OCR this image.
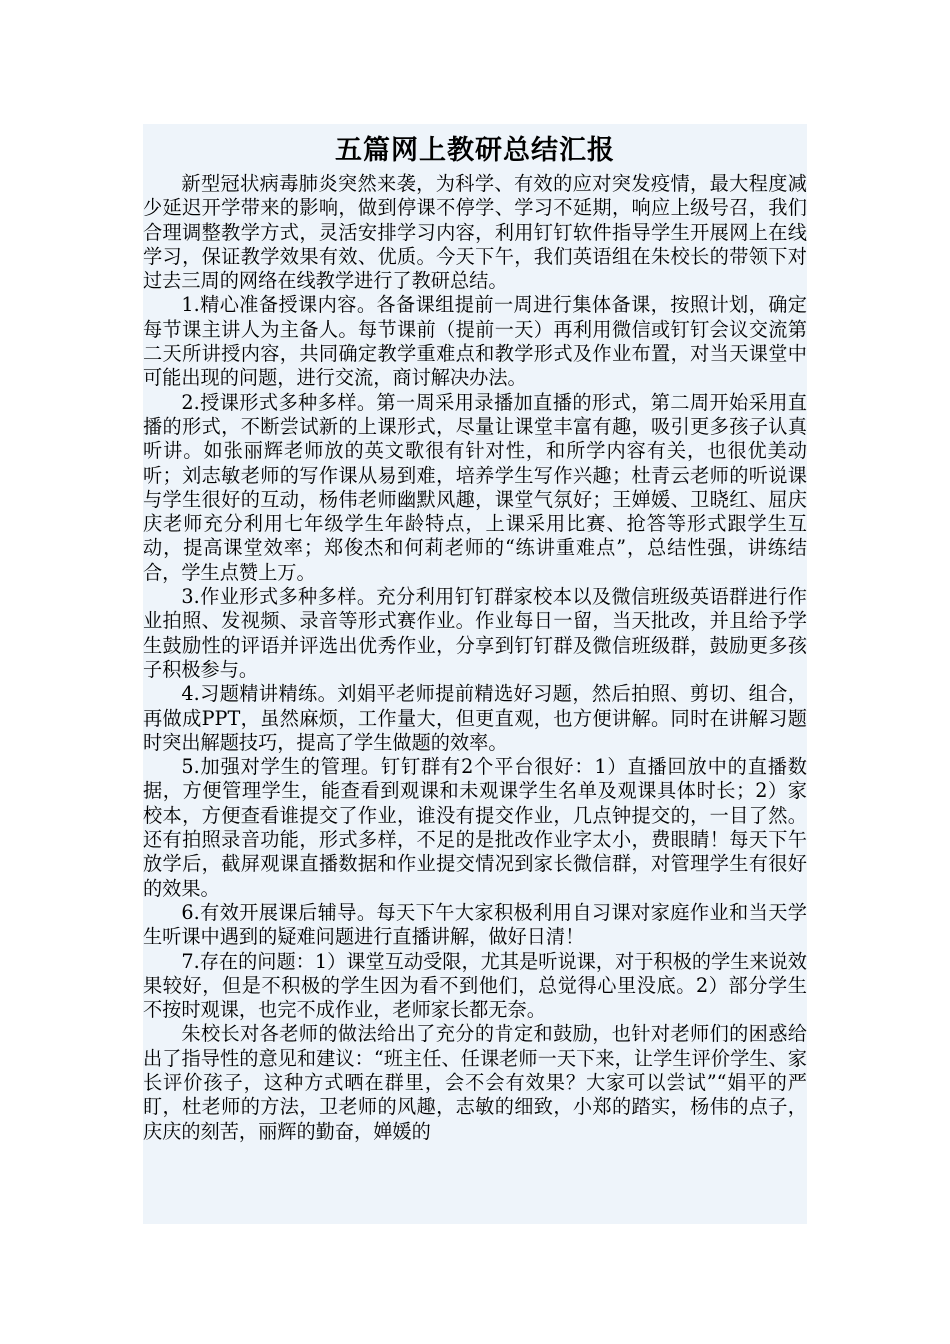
五篇网上教研总结汇报

新型冠状病毒肺炎突然来袭，为科学、有效的应对突发疫情，最大程度减少延迟开学带来的影响，做到停课不停学、学习不延期，响应上级号召，我们合理调整教学方式，灵活安排学习内容，利用钉钉软件指导学生开展网上在线学习，保证教学效果有效、优质。今天下午，我们英语组在朱校长的带领下对过去三周的网络在线教学进行了教研总结。

1.精心准备授课内容。各备课组提前一周进行集体备课，按照计划，确定每节课主讲人为主备人。每节课前（提前一天）再利用微信或钉钉会议交流第二天所讲授内容，共同确定教学重难点和教学形式及作业布置，对当天课堂中可能出现的问题，进行交流，商讨解决办法。

2.授课形式多种多样。第一周采用录播加直播的形式，第二周开始采用直播的形式，不断尝试新的上课形式，尽量让课堂丰富有趣，吸引更多孩子认真听讲。如张丽辉老师放的英文歌很有针对性，和所学内容有关，也很优美动听；刘志敏老师的写作课从易到难，培养学生写作兴趣；杜青云老师的听说课与学生很好的互动，杨伟老师幽默风趣，课堂气氛好；王婵媛、卫晓红、屈庆庆老师充分利用七年级学生年龄特点，上课采用比赛、抢答等形式跟学生互动，提高课堂效率；郑俊杰和何莉老师的“练讲重难点”，总结性强，讲练结合，学生点赞上万。

3.作业形式多种多样。充分利用钉钉群家校本以及微信班级英语群进行作业拍照、发视频、录音等形式赛作业。作业每日一留，当天批改，并且给予学生鼓励性的评语并评选出优秀作业，分享到钉钉群及微信班级群，鼓励更多孩子积极参与。

4.习题精讲精练。刘娟平老师提前精选好习题，然后拍照、剪切、组合，再做成PPT，虽然麻烦，工作量大，但更直观，也方便讲解。同时在讲解习题时突出解题技巧，提高了学生做题的效率。

5.加强对学生的管理。钉钉群有2个平台很好：1）直播回放中的直播数据，方便管理学生，能查看到观课和未观课学生名单及观课具体时长；2）家校本，方便查看谁提交了作业，谁没有提交作业，几点钟提交的，一目了然。还有拍照录音功能，形式多样，不足的是批改作业字太小，费眼睛！每天下午放学后，截屏观课直播数据和作业提交情况到家长微信群，对管理学生有很好的效果。

6.有效开展课后辅导。每天下午大家积极利用自习课对家庭作业和当天学生听课中遇到的疑难问题进行直播讲解，做好日清！

7.存在的问题：1）课堂互动受限，尤其是听说课，对于积极的学生来说效果较好，但是不积极的学生因为看不到他们，总觉得心里没底。2）部分学生不按时观课，也完不成作业，老师家长都无奈。

朱校长对各老师的做法给出了充分的肯定和鼓励，也针对老师们的困惑给出了指导性的意见和建议：“班主任、任课老师一天下来，让学生评价学生、家长评价孩子，这种方式晒在群里，会不会有效果？大家可以尝试”“娟平的严盯，杜老师的方法，卫老师的风趣，志敏的细致，小郑的踏实，杨伟的点子，庆庆的刻苦，丽辉的勤奋，婵媛的
